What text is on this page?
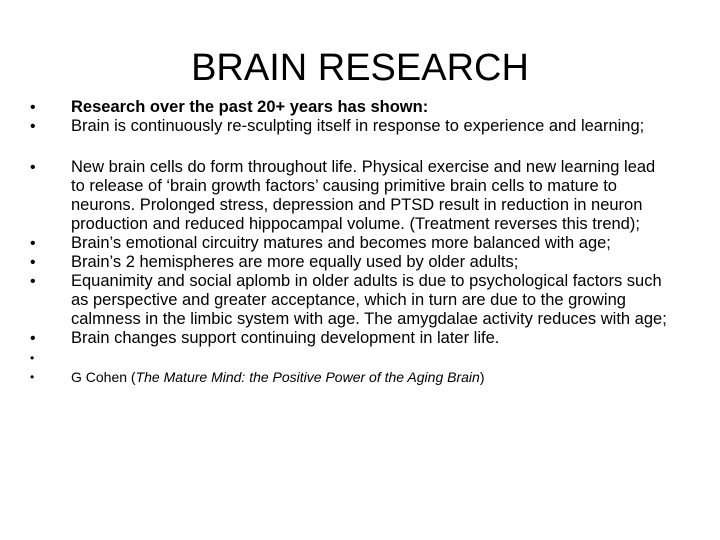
BRAIN RESEARCH
•	Research over the past 20+ years has shown:
•	Brain is continuously re-sculpting itself in response to experience and learning;
•	New brain cells do form throughout life. Physical exercise and new learning lead to release of ‘brain growth factors’ causing primitive brain cells to mature to neurons. Prolonged stress, depression and PTSD result in reduction in neuron production and reduced hippocampal volume. (Treatment reverses this trend);
•	Brain’s emotional circuitry matures and becomes more balanced with age;
•	Brain’s 2 hemispheres are more equally used by older adults;
•	Equanimity and social aplomb in older adults is due to psychological factors such as perspective and greater acceptance, which in turn are due to the growing calmness in the limbic system with age. The amygdalae activity reduces with age;
•	Brain changes support continuing development in later life.
•
•	G Cohen (The Mature Mind: the Positive Power of the Aging Brain)
